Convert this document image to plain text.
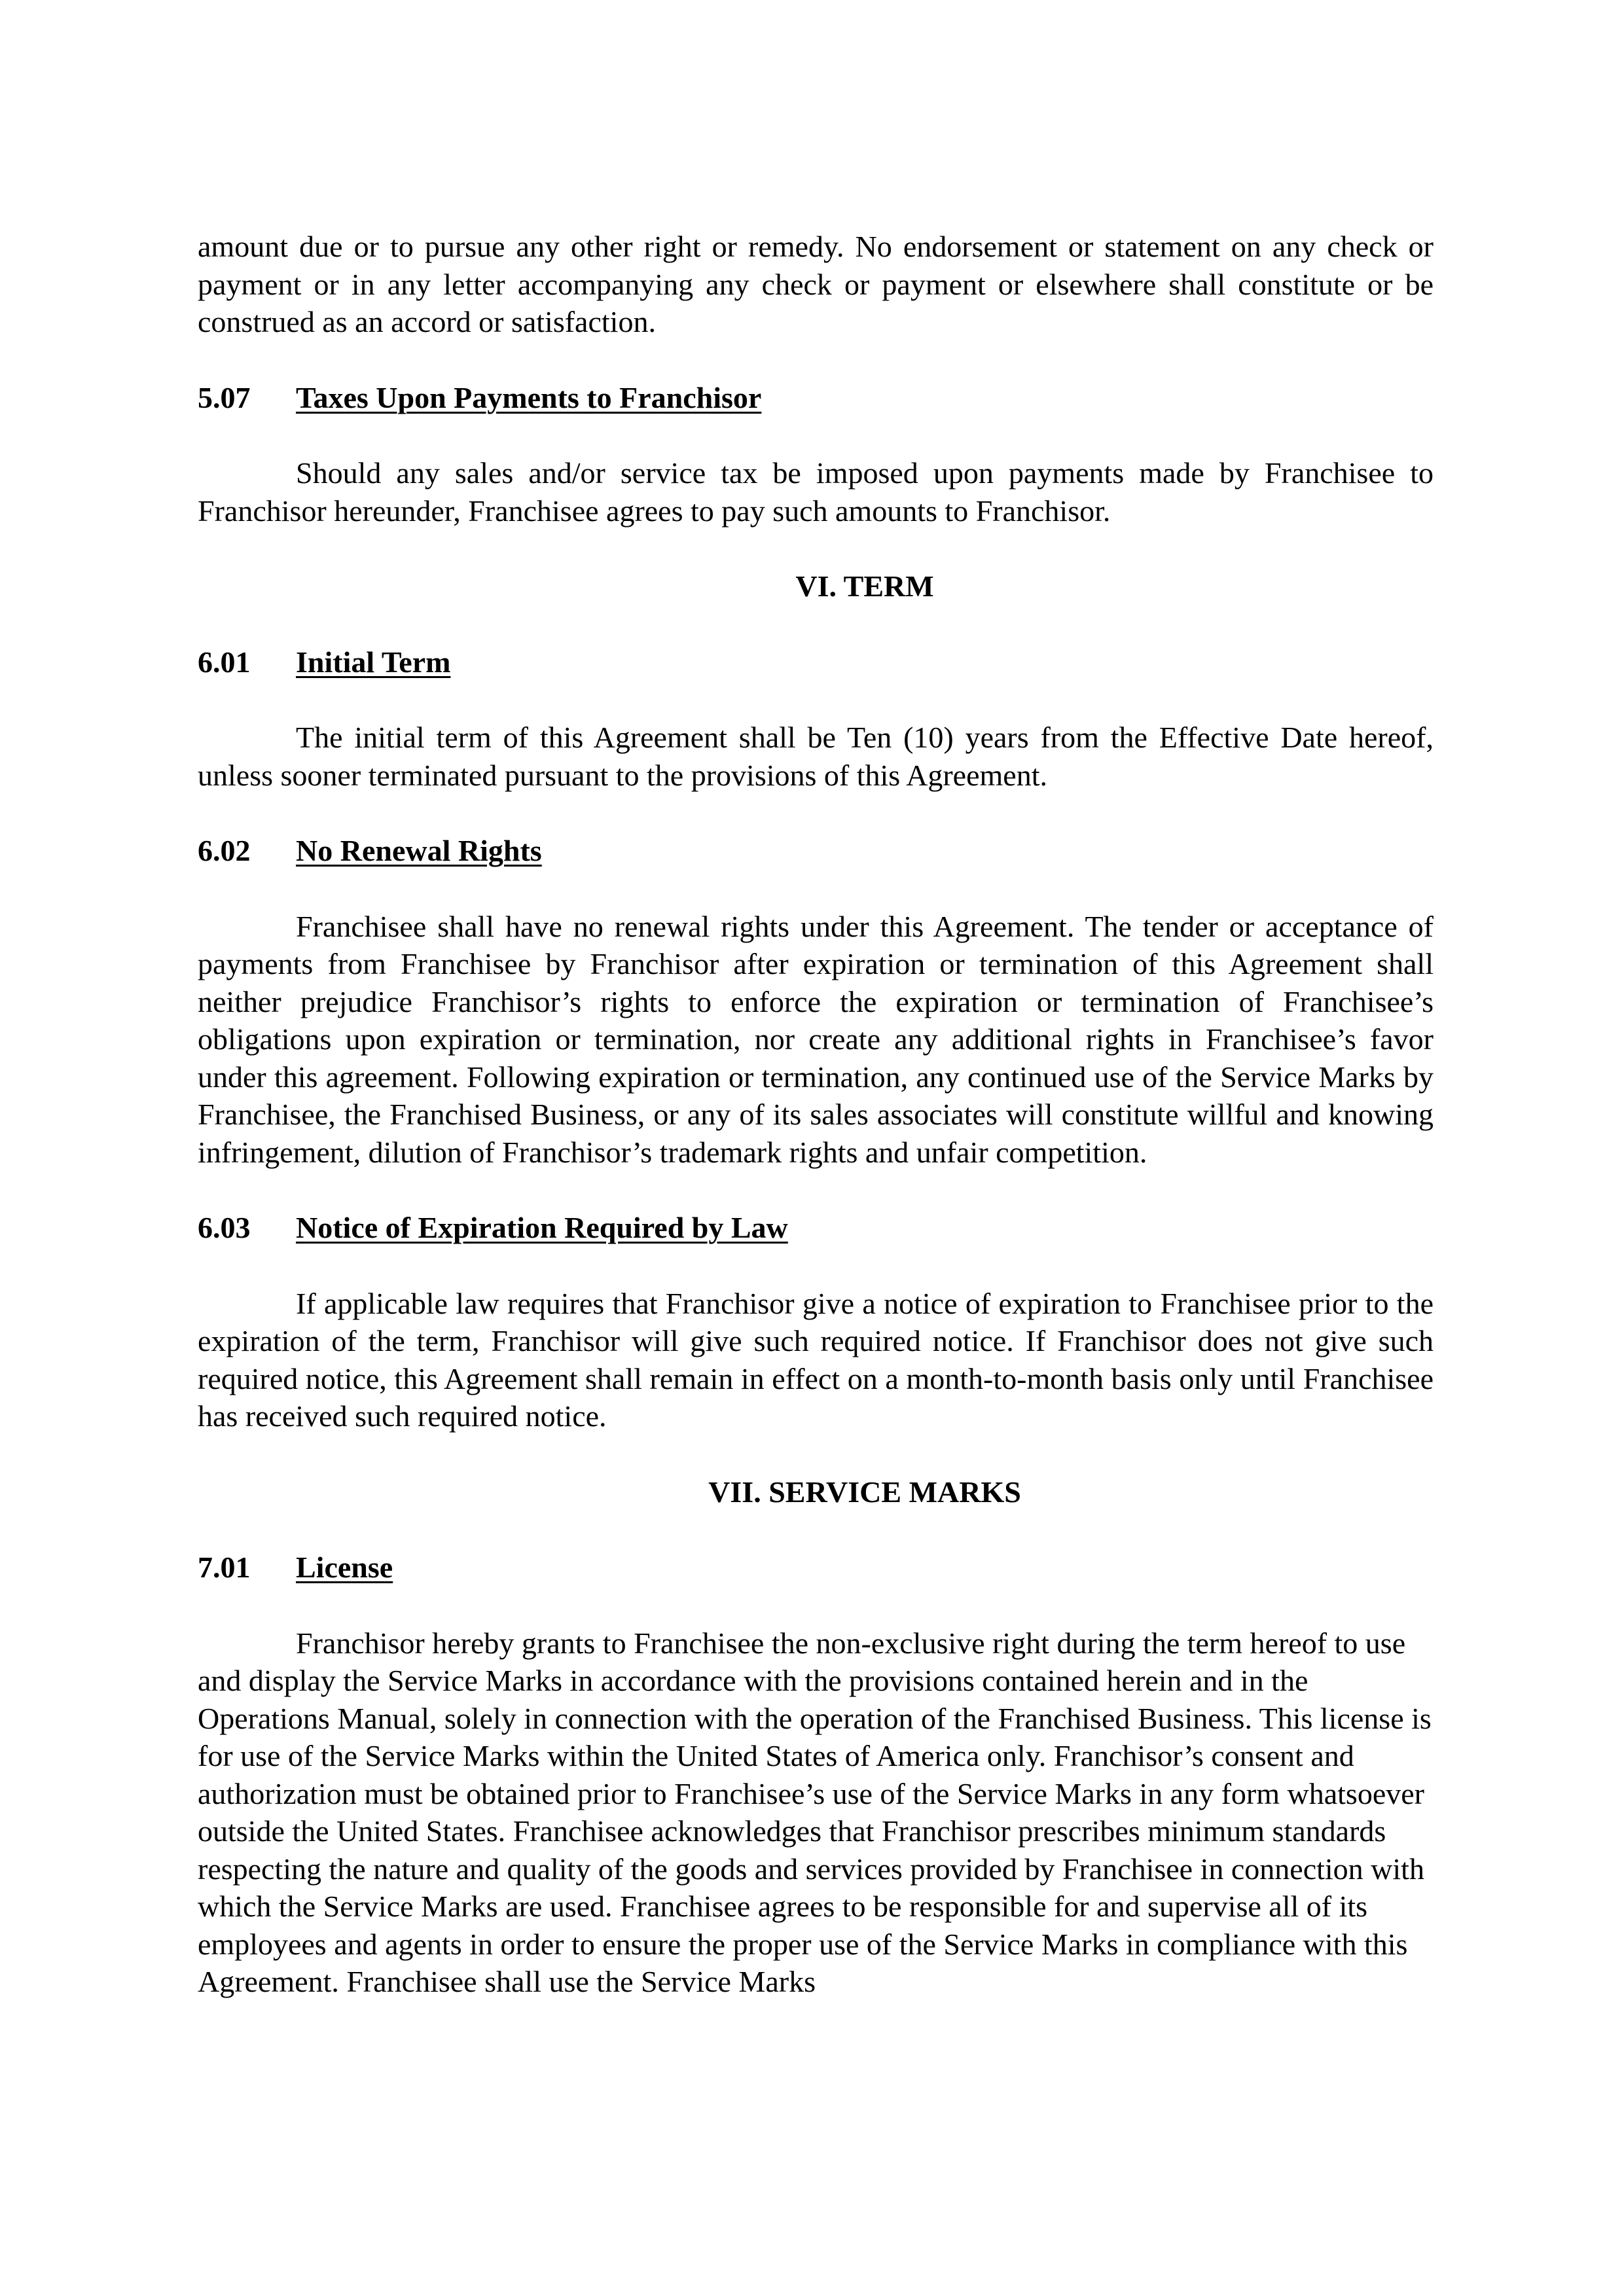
amount due or to pursue any other right or remedy. No endorsement or statement on any check or payment or in any letter accompanying any check or payment or elsewhere shall constitute or be construed as an accord or satisfaction.

5.07	Taxes Upon Payments to Franchisor

Should any sales and/or service tax be imposed upon payments made by Franchisee to Franchisor hereunder, Franchisee agrees to pay such amounts to Franchisor.

VI. TERM
6.01	Initial Term

The initial term of this Agreement shall be Ten (10) years from the Effective Date hereof, unless sooner terminated pursuant to the provisions of this Agreement.

6.02	No Renewal Rights

Franchisee shall have no renewal rights under this Agreement. The tender or acceptance of payments from Franchisee by Franchisor after expiration or termination of this Agreement shall neither prejudice Franchisor’s rights to enforce the expiration or termination of Franchisee’s obligations upon expiration or termination, nor create any additional rights in Franchisee’s favor under this agreement. Following expiration or termination, any continued use of the Service Marks by Franchisee, the Franchised Business, or any of its sales associates will constitute willful and knowing infringement, dilution of Franchisor’s trademark rights and unfair competition.

6.03	Notice of Expiration Required by Law

If applicable law requires that Franchisor give a notice of expiration to Franchisee prior to the expiration of the term, Franchisor will give such required notice. If Franchisor does not give such required notice, this Agreement shall remain in effect on a month-to-month basis only until Franchisee has received such required notice.

VII. SERVICE MARKS
7.01	License

Franchisor hereby grants to Franchisee the non-exclusive right during the term hereof to use and display the Service Marks in accordance with the provisions contained herein and in the Operations Manual, solely in connection with the operation of the Franchised Business. This license is for use of the Service Marks within the United States of America only. Franchisor’s consent and authorization must be obtained prior to Franchisee’s use of the Service Marks in any form whatsoever outside the United States. Franchisee acknowledges that Franchisor prescribes minimum standards respecting the nature and quality of the goods and services provided by Franchisee in connection with which the Service Marks are used. Franchisee agrees to be responsible for and supervise all of its employees and agents in order to ensure the proper use of the Service Marks in compliance with this Agreement. Franchisee shall use the Service Marks
